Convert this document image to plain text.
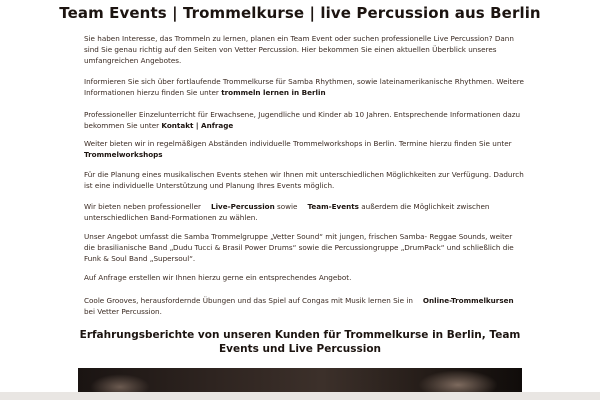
Team Events | Trommelkurse | live Percussion aus Berlin

Sie haben Interesse, das Trommeln zu lernen, planen ein Team Event oder suchen professionelle Live Percussion? Dann sind Sie genau richtig auf den Seiten von Vetter Percussion. Hier bekommen Sie einen aktuellen Überblick unseres umfangreichen Angebotes.

Informieren Sie sich über fortlaufende Trommelkurse für Samba Rhythmen, sowie lateinamerikanische Rhythmen. Weitere Informationen hierzu finden Sie unter trommeln lernen in Berlin

Professioneller Einzelunterricht für Erwachsene, Jugendliche und Kinder ab 10 Jahren. Entsprechende Informationen dazu bekommen Sie unter Kontakt | Anfrage

Weiter bieten wir in regelmäßigen Abständen individuelle Trommelworkshops in Berlin. Termine hierzu finden Sie unter Trommelworkshops

Für die Planung eines musikalischen Events stehen wir Ihnen mit unterschiedlichen Möglichkeiten zur Verfügung. Dadurch ist eine individuelle Unterstützung und Planung Ihres Events möglich.

Wir bieten neben professioneller Live-Percussion sowie Team-Events außerdem die Möglichkeit zwischen unterschiedlichen Band-Formationen zu wählen.

Unser Angebot umfasst die Samba Trommelgruppe „Vetter Sound“ mit jungen, frischen Samba- Reggae Sounds, weiter die brasilianische Band „Dudu Tucci & Brasil Power Drums“ sowie die Percussiongruppe „DrumPack“ und schließlich die Funk & Soul Band „Supersoul“.

Auf Anfrage erstellen wir Ihnen hierzu gerne ein entsprechendes Angebot.

Coole Grooves, herausfordernde Übungen und das Spiel auf Congas mit Musik lernen Sie in Online-Trommelkursen bei Vetter Percussion.

Erfahrungsberichte von unseren Kunden für Trommelkurse in Berlin, Team Events und Live Percussion
